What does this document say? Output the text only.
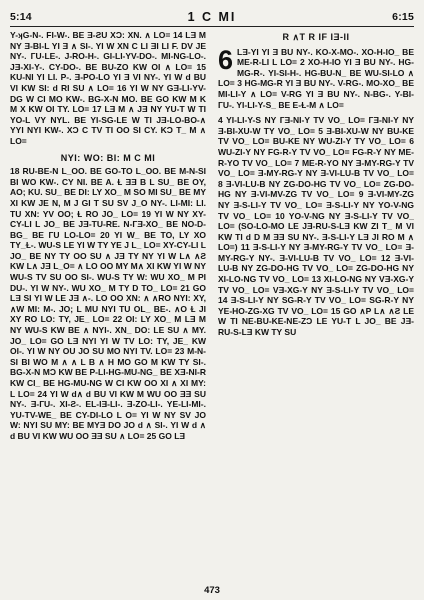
5:14	1 C MI	6:15

Y-ʞG-N-. FI-W-. BE Ǝ-ƧU XƆ: XN. ∧ LO= 14 LƎ M NY Ǝ-BI-L YI Ǝ ∧ SI-. YI W XN C LI ƎI LI F. DV JE NY-. ГU-LE-. J-RO-H-. GI-LI-YV-DO-. MI-NG-LO-. JƎ-XI-Y-. CY-DO-. BE BU-ZO KW OI ∧ LO= 15 KU-NI YI LI. P-. Ǝ-PO-LO YI Ǝ VI NY-. YI W d BU VI KW SI: d RI SU ∧ LO= 16 YI W NY GƎ-LI-YV-DG W CI MO KW-. BG-X-N MO. BE GO KW M K M X KW OI TY. LO= 17 LƎ M ∧ JƎ NY YU-T W TI YO-L VY NYL. BE YI-SG-LE W TI JƎ-LO-BO-∧ YYI NYI KW-. XƆ C TV TI OO SI CY. KƆ T_ M ∧ LO=

NYI: WO: BI: M C MI

18 RU-BE-N L_OO. BE GO-TO L_OO. BE M-N-SI BI WO KW-. CY NI. BE A. Ɫ ƎƎ B L SU_ BE OY, AO; KU. SU_ BE DƖ: LY XO_ M SO MI SU_ BE MY XI KW JE N, M J GI T SU SV J_O NY-. LI-MI: LI. TU XN: YV OO; Ɫ RO JO_ LO= 19 YI W NY XY-CY-LI L JO_ BE JƎ-TU-RE. N-ГƎ-XO_ BE NO-D-BG_ BE ГU LO-LO= 20 YI W_ BE TO, LY XO TY_Ɫ-. WU-S LE YI W TY YE J L_ LO= XY-CY-LI L JO_ BE NY TY OO SU ∧ JƎ TY NY YI W L∧ ∧Ƨ KW L∧ JƎ L_O= ∧ LO OO MY M∧ XI KW YI W NY WU-S TV SU OO SI-. WU-S TY W: WU XO_ M PI DU-. YI W NY-. WU XO_ M TY D TO_ LO= 21 GO LƎ SI YI W LE JƎ ∧-. LO OO XN: ∧ ∧RO NYI: XY, ∧W MI: M-. JO; L MU NYI TU OL_ BE-. ∧O Ɫ JI XY RO LO: TY, JE_ LO= 22 OI: LY XO_ M LƎ M NY WU-S KW BE ∧ NYI-. XN_ DO: LE SU ∧ MY. JO_ LO= GO LƎ NYI YI W TV LO: TY, JE_ KW OI-. YI W NY OU JO SU MO NYI TV. LO= 23 M-N-SI BI WO M ∧ ∧ L B ∧ H MO GO M KW TY SI-. BG-X-N MƆ KW BE P-LI-HG-MU-NG_ BE XƎ-NI-R KW CI_ BE HG-MU-NG W CI KW OO XI ∧ XI MY: L LO= 24 YI W d∧ d BU VI KW M WU OO ƎƎ SU NY-. Ǝ-ГU-. XI-Ƨ-. EL-IƎ-LI-. Ǝ-ZO-LI-. YE-LI-MI-. YU-TV-WE_ BE CY-DI-LO L O= YI W NY SV JO W: NYI SU MY: BE MYƎ DO JO d ∧ SI-. YI W d ∧ d BU VI KW WU OO ƎƎ SU ∧ LO= 25 GO LƎ

R ∧T R IF IƎ-ƖI

6 LƎ-YI YI Ǝ BU NY-. KO-X-MO-. XO-H-IO_ BE ME-R-LI L LO= 2 XO-H-IO YI Ǝ BU NY-. HG-MG-R-. YI-SI-H-. HG-BU-N_ BE WU-SI-LO ∧ LO= 3 HG-MG-R YI Ǝ BU NY-. V-RG-. MO-XO_ BE MI-LI-Y ∧ LO= V-RG YI Ǝ BU NY-. N-BG-. Y-BI-ГU-. YI-LI-Y-S_ BE E-Ɫ-M ∧ LO=

4 YI-LI-Y-S NY ГƎ-NI-Y TV VO_ LO= ГƎ-NI-Y NY Ǝ-BI-XU-W TY VO_ LO= 5 Ǝ-BI-XU-W NY BU-KE TV VO_ LO= BU-KE NY WU-ZI-Y TY VO_ LO= 6 WU-ZI-Y NY FG-R-Y TV VO_ LO= FG-R-Y NY ME-R-YO TV VO_ LO= 7 ME-R-YO NY Ǝ-MY-RG-Y TV VO_ LO= Ǝ-MY-RG-Y NY Ǝ-VI-LU-B TV VO_ LO= 8 Ǝ-VI-LU-B NY ZG-DO-HG TV VO_ LO= ZG-DO-HG NY Ǝ-VI-MV-ZG TV VO_ LO= 9 Ǝ-VI-MY-ZG NY Ǝ-S-LI-Y TV VO_ LO= Ǝ-S-LI-Y NY YO-V-NG TV VO_ LO= 10 YO-V-NG NY Ǝ-S-LI-Y TV VO_ LO= (SO-LO-MO LE JƎ-RU-S-LƎ KW ZI T_ M VI KW TI d D M ƎƎ SU NY-. Ǝ-S-LI-Y LƎ JI RO M ∧ LO=) 11 Ǝ-S-LI-Y NY Ǝ-MY-RG-Y TV VO_ LO= Ǝ-MY-RG-Y NY-. Ǝ-VI-LU-B TV VO_ LO= 12 Ǝ-VI-LU-B NY ZG-DO-HG TV VO_ LO= ZG-DO-HG NY XI-LO-NG TV VO_ LO= 13 XI-LO-NG NY VƎ-XG-Y TV VO_ LO= VƎ-XG-Y NY Ǝ-S-LI-Y TV VO_ LO= 14 Ǝ-S-LI-Y NY SG-R-Y TV VO_ LO= SG-R-Y NY YE-HO-ZG-XG TV VO_ LO= 15 GO ∧P L∧ ∧Ƨ LE W TI NE-BU-KE-NE-ZƆ LE YU-T L JO_ BE JƎ-RU-S-LƎ KW TY SU

473
